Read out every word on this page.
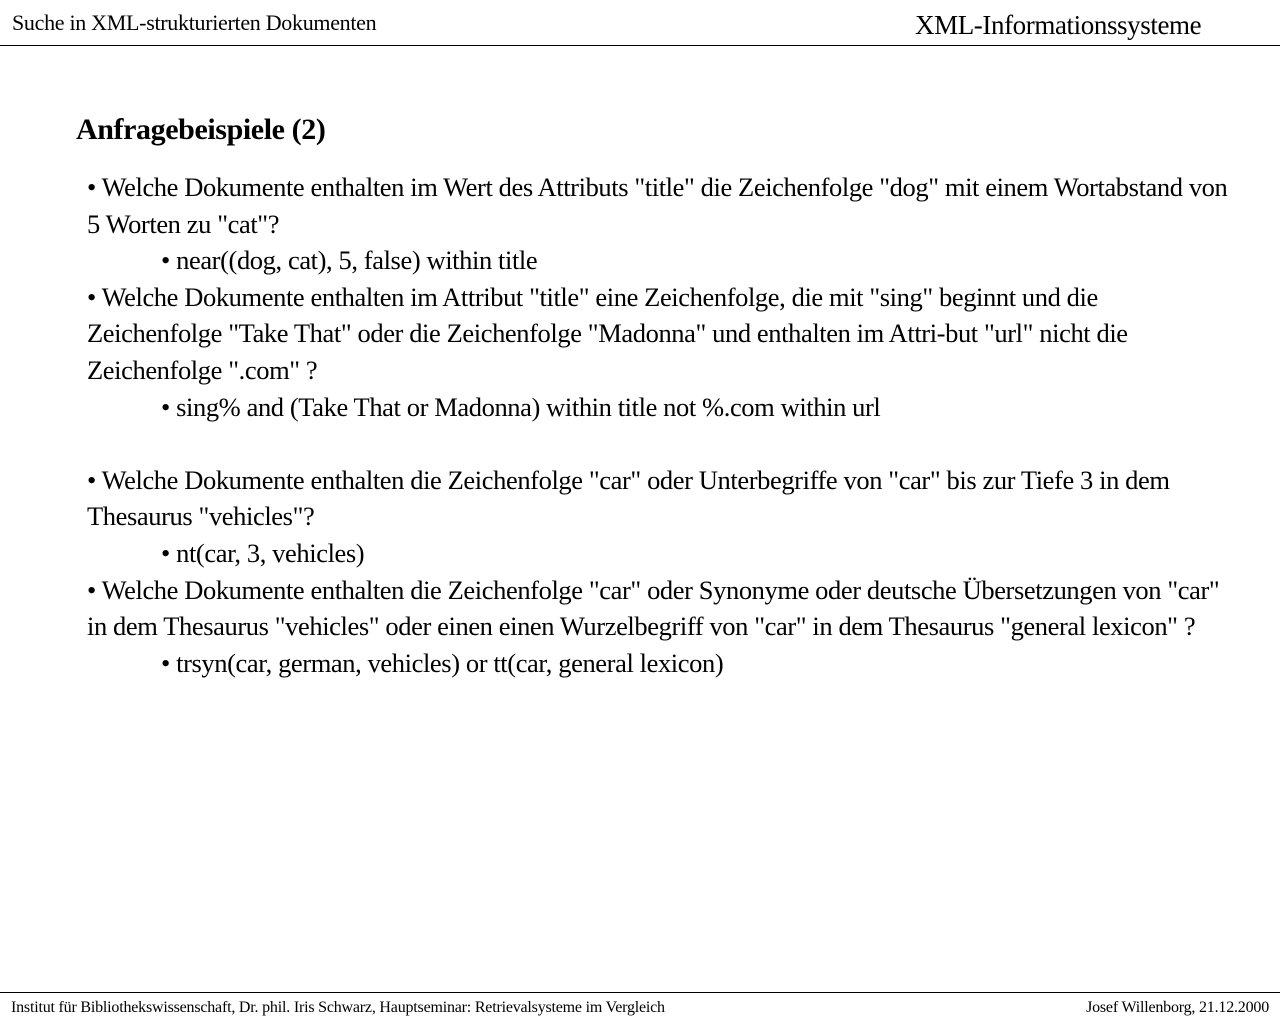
Suche in XML-strukturierten Dokumenten	XML-Informationssysteme
Anfragebeispiele (2)
• Welche Dokumente enthalten im Wert des Attributs "title" die Zeichenfolge "dog" mit einem Wortabstand von 5 Worten zu "cat"?
• near((dog, cat), 5, false) within title
• Welche Dokumente enthalten im Attribut "title" eine Zeichenfolge, die mit "sing" beginnt und die Zeichenfolge "Take That" oder die Zeichenfolge "Madonna" und enthalten im Attri-but "url" nicht die Zeichenfolge ".com" ?
• sing% and (Take That or Madonna) within title not %.com within url
• Welche Dokumente enthalten die Zeichenfolge "car" oder Unterbegriffe von "car" bis zur Tiefe 3 in dem Thesaurus "vehicles"?
• nt(car, 3, vehicles)
• Welche Dokumente enthalten die Zeichenfolge "car" oder Synonyme oder deutsche Übersetzungen von "car" in dem Thesaurus "vehicles" oder einen einen Wurzelbegriff von "car" in dem Thesaurus "general lexicon" ?
• trsyn(car, german, vehicles) or tt(car, general lexicon)
Institut für Bibliothekswissenschaft, Dr. phil. Iris Schwarz, Hauptseminar: Retrievalsysteme im Vergleich	Josef Willenborg, 21.12.2000
